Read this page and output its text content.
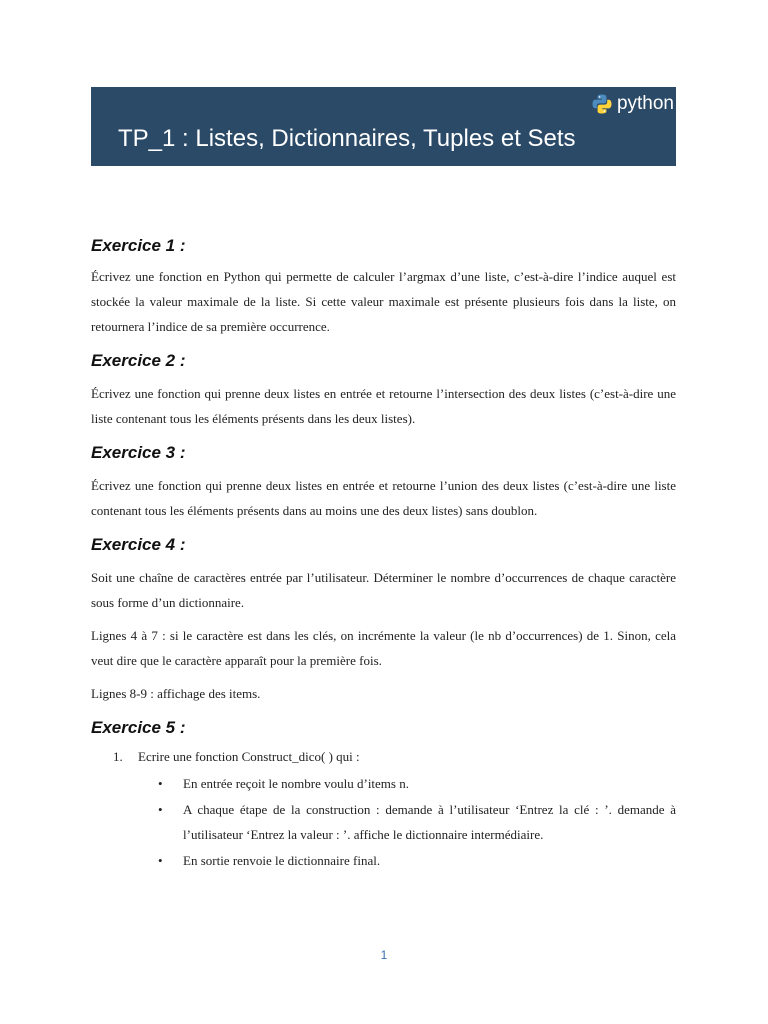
python
TP_1 : Listes, Dictionnaires, Tuples et Sets
Exercice 1 :

Écrivez une fonction en Python qui permette de calculer l’argmax d’une liste, c’est-à-dire l’indice auquel est stockée la valeur maximale de la liste. Si cette valeur maximale est présente plusieurs fois dans la liste, on retournera l’indice de sa première occurrence.

Exercice 2 :

Écrivez une fonction qui prenne deux listes en entrée et retourne l’intersection des deux listes (c’est-à-dire une liste contenant tous les éléments présents dans les deux listes).

Exercice 3 :

Écrivez une fonction qui prenne deux listes en entrée et retourne l’union des deux listes (c’est-à-dire une liste contenant tous les éléments présents dans au moins une des deux listes) sans doublon.

Exercice 4 :

Soit une chaîne de caractères entrée par l’utilisateur. Déterminer le nombre d’occurrences de chaque caractère sous forme d’un dictionnaire.

Lignes 4 à 7 : si le caractère est dans les clés, on incrémente la valeur (le nb d’occurrences) de 1. Sinon, cela veut dire que le caractère apparaît pour la première fois.

Lignes 8-9 : affichage des items.

Exercice 5 :
1. Ecrire une fonction Construct_dico( ) qui :
• En entrée reçoit le nombre voulu d’items n.
• A chaque étape de la construction : demande à l’utilisateur ‘Entrez la clé : ’. demande à l’utilisateur ‘Entrez la valeur : ’. affiche le dictionnaire intermédiaire.
• En sortie renvoie le dictionnaire final.
1
